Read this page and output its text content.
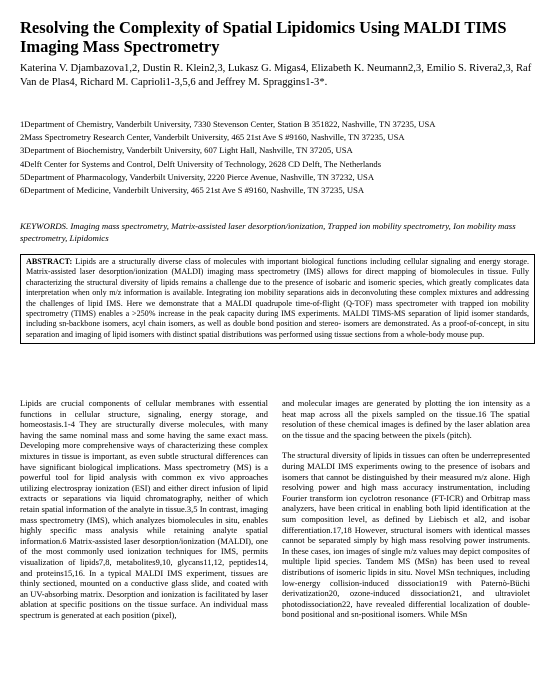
Resolving the Complexity of Spatial Lipidomics Using MALDI TIMS Imaging Mass Spectrometry
Katerina V. Djambazova1,2, Dustin R. Klein2,3, Lukasz G. Migas4, Elizabeth K. Neumann2,3, Emilio S. Rivera2,3, Raf Van de Plas4, Richard M. Caprioli1-3,5,6 and Jeffrey M. Spraggins1-3*.
1Department of Chemistry, Vanderbilt University, 7330 Stevenson Center, Station B 351822, Nashville, TN 37235, USA
2Mass Spectrometry Research Center, Vanderbilt University, 465 21st Ave S #9160, Nashville, TN 37235, USA
3Department of Biochemistry, Vanderbilt University, 607 Light Hall, Nashville, TN 37205, USA
4Delft Center for Systems and Control, Delft University of Technology, 2628 CD Delft, The Netherlands
5Department of Pharmacology, Vanderbilt University, 2220 Pierce Avenue, Nashville, TN 37232, USA
6Department of Medicine, Vanderbilt University, 465 21st Ave S #9160, Nashville, TN 37235, USA
KEYWORDS. Imaging mass spectrometry, Matrix-assisted laser desorption/ionization, Trapped ion mobility spectrometry, Ion mobility mass spectrometry, Lipidomics
ABSTRACT: Lipids are a structurally diverse class of molecules with important biological functions including cellular signaling and energy storage. Matrix-assisted laser desorption/ionization (MALDI) imaging mass spectrometry (IMS) allows for direct mapping of biomolecules in tissue. Fully characterizing the structural diversity of lipids remains a challenge due to the presence of isobaric and isomeric species, which greatly complicates data interpretation when only m/z information is available. Integrating ion mobility separations aids in deconvoluting these complex mixtures and addressing the challenges of lipid IMS. Here we demonstrate that a MALDI quadrupole time-of-flight (Q-TOF) mass spectrometer with trapped ion mobility spectrometry (TIMS) enables a >250% increase in the peak capacity during IMS experiments. MALDI TIMS-MS separation of lipid isomer standards, including sn-backbone isomers, acyl chain isomers, as well as double bond position and stereo- isomers are demonstrated. As a proof-of-concept, in situ separation and imaging of lipid isomers with distinct spatial distributions was performed using tissue sections from a whole-body mouse pup.

Lipids are crucial components of cellular membranes with essential functions in cellular structure, signaling, energy storage, and homeostasis.1-4 They are structurally diverse molecules, with many having the same nominal mass and some having the same exact mass. Developing more comprehensive ways of characterizing these complex mixtures in tissue is important, as even subtle structural differences can have significant biological implications. Mass spectrometry (MS) is a powerful tool for lipid analysis with common ex vivo approaches utilizing electrospray ionization (ESI) and either direct infusion of lipid extracts or separations via liquid chromatography, neither of which retain spatial information of the analyte in tissue.3,5 In contrast, imaging mass spectrometry (IMS), which analyzes biomolecules in situ, enables highly specific mass analysis while retaining analyte spatial information.6 Matrix-assisted laser desorption/ionization (MALDI), one of the most commonly used ionization techniques for IMS, permits visualization of lipids7,8, metabolites9,10, glycans11,12, peptides14, and proteins15,16. In a typical MALDI IMS experiment, tissues are thinly sectioned, mounted on a conductive glass slide, and coated with an UV-absorbing matrix. Desorption and ionization is facilitated by laser ablation at specific positions on the tissue surface. An individual mass spectrum is generated at each position (pixel),

and molecular images are generated by plotting the ion intensity as a heat map across all the pixels sampled on the tissue.16 The spatial resolution of these chemical images is defined by the laser ablation area on the tissue and the spacing between the pixels (pitch).

The structural diversity of lipids in tissues can often be underrepresented during MALDI IMS experiments owing to the presence of isobars and isomers that cannot be distinguished by their measured m/z alone. High resolving power and high mass accuracy instrumentation, including Fourier transform ion cyclotron resonance (FT-ICR) and Orbitrap mass analyzers, have been critical in enabling both lipid identification at the sum composition level, as defined by Liebisch et al2, and isobar differentiation.17,18 However, structural isomers with identical masses cannot be separated simply by high mass resolving power instruments. In these cases, ion images of single m/z values may depict composites of multiple lipid species. Tandem MS (MSn) has been used to reveal distributions of isomeric lipids in situ. Novel MSn techniques, including low-energy collision-induced dissociation19 with Paternò-Büchi derivatization20, ozone-induced dissociation21, and ultraviolet photodissociation22, have revealed differential localization of double-bond positional and sn-positional isomers. While MSn
